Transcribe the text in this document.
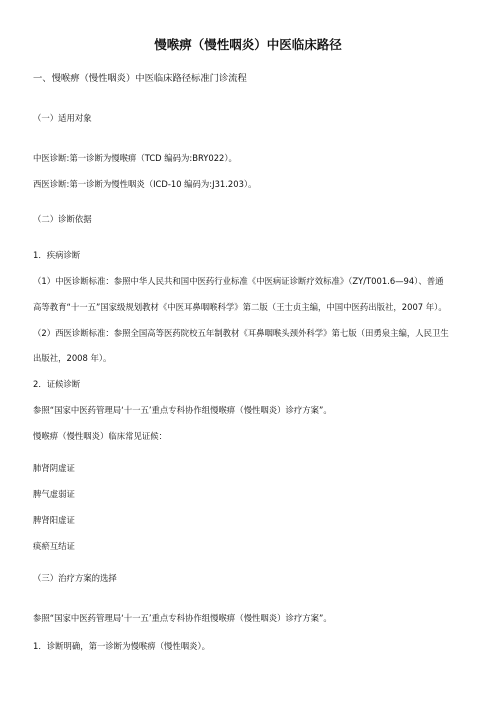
慢喉痹（慢性咽炎）中医临床路径
一、慢喉痹（慢性咽炎）中医临床路径标准门诊流程
（一）适用对象
中医诊断:第一诊断为慢喉痹（TCD 编码为:BRY022）。
西医诊断:第一诊断为慢性咽炎（ICD-10 编码为:J31.203）。
（二）诊断依据
1．疾病诊断
（1）中医诊断标准：参照中华人民共和国中医药行业标准《中医病证诊断疗效标准》（ZY/T001.6—94）、普通
高等教育“十一五”国家级规划教材《中医耳鼻咽喉科学》第二版（王士贞主编，中国中医药出版社，2007 年）。
（2）西医诊断标准：参照全国高等医药院校五年制教材《耳鼻咽喉头颈外科学》第七版（田勇泉主编，人民卫生
出版社，2008 年）。
2．证候诊断
参照“国家中医药管理局‘十一五’重点专科协作组慢喉痹（慢性咽炎）诊疗方案”。
慢喉痹（慢性咽炎）临床常见证候：
肺肾阴虚证
脾气虚弱证
脾肾阳虚证
痰瘀互结证
（三）治疗方案的选择
参照“国家中医药管理局‘十一五’重点专科协作组慢喉痹（慢性咽炎）诊疗方案”。
1．诊断明确，第一诊断为慢喉痹（慢性咽炎）。
